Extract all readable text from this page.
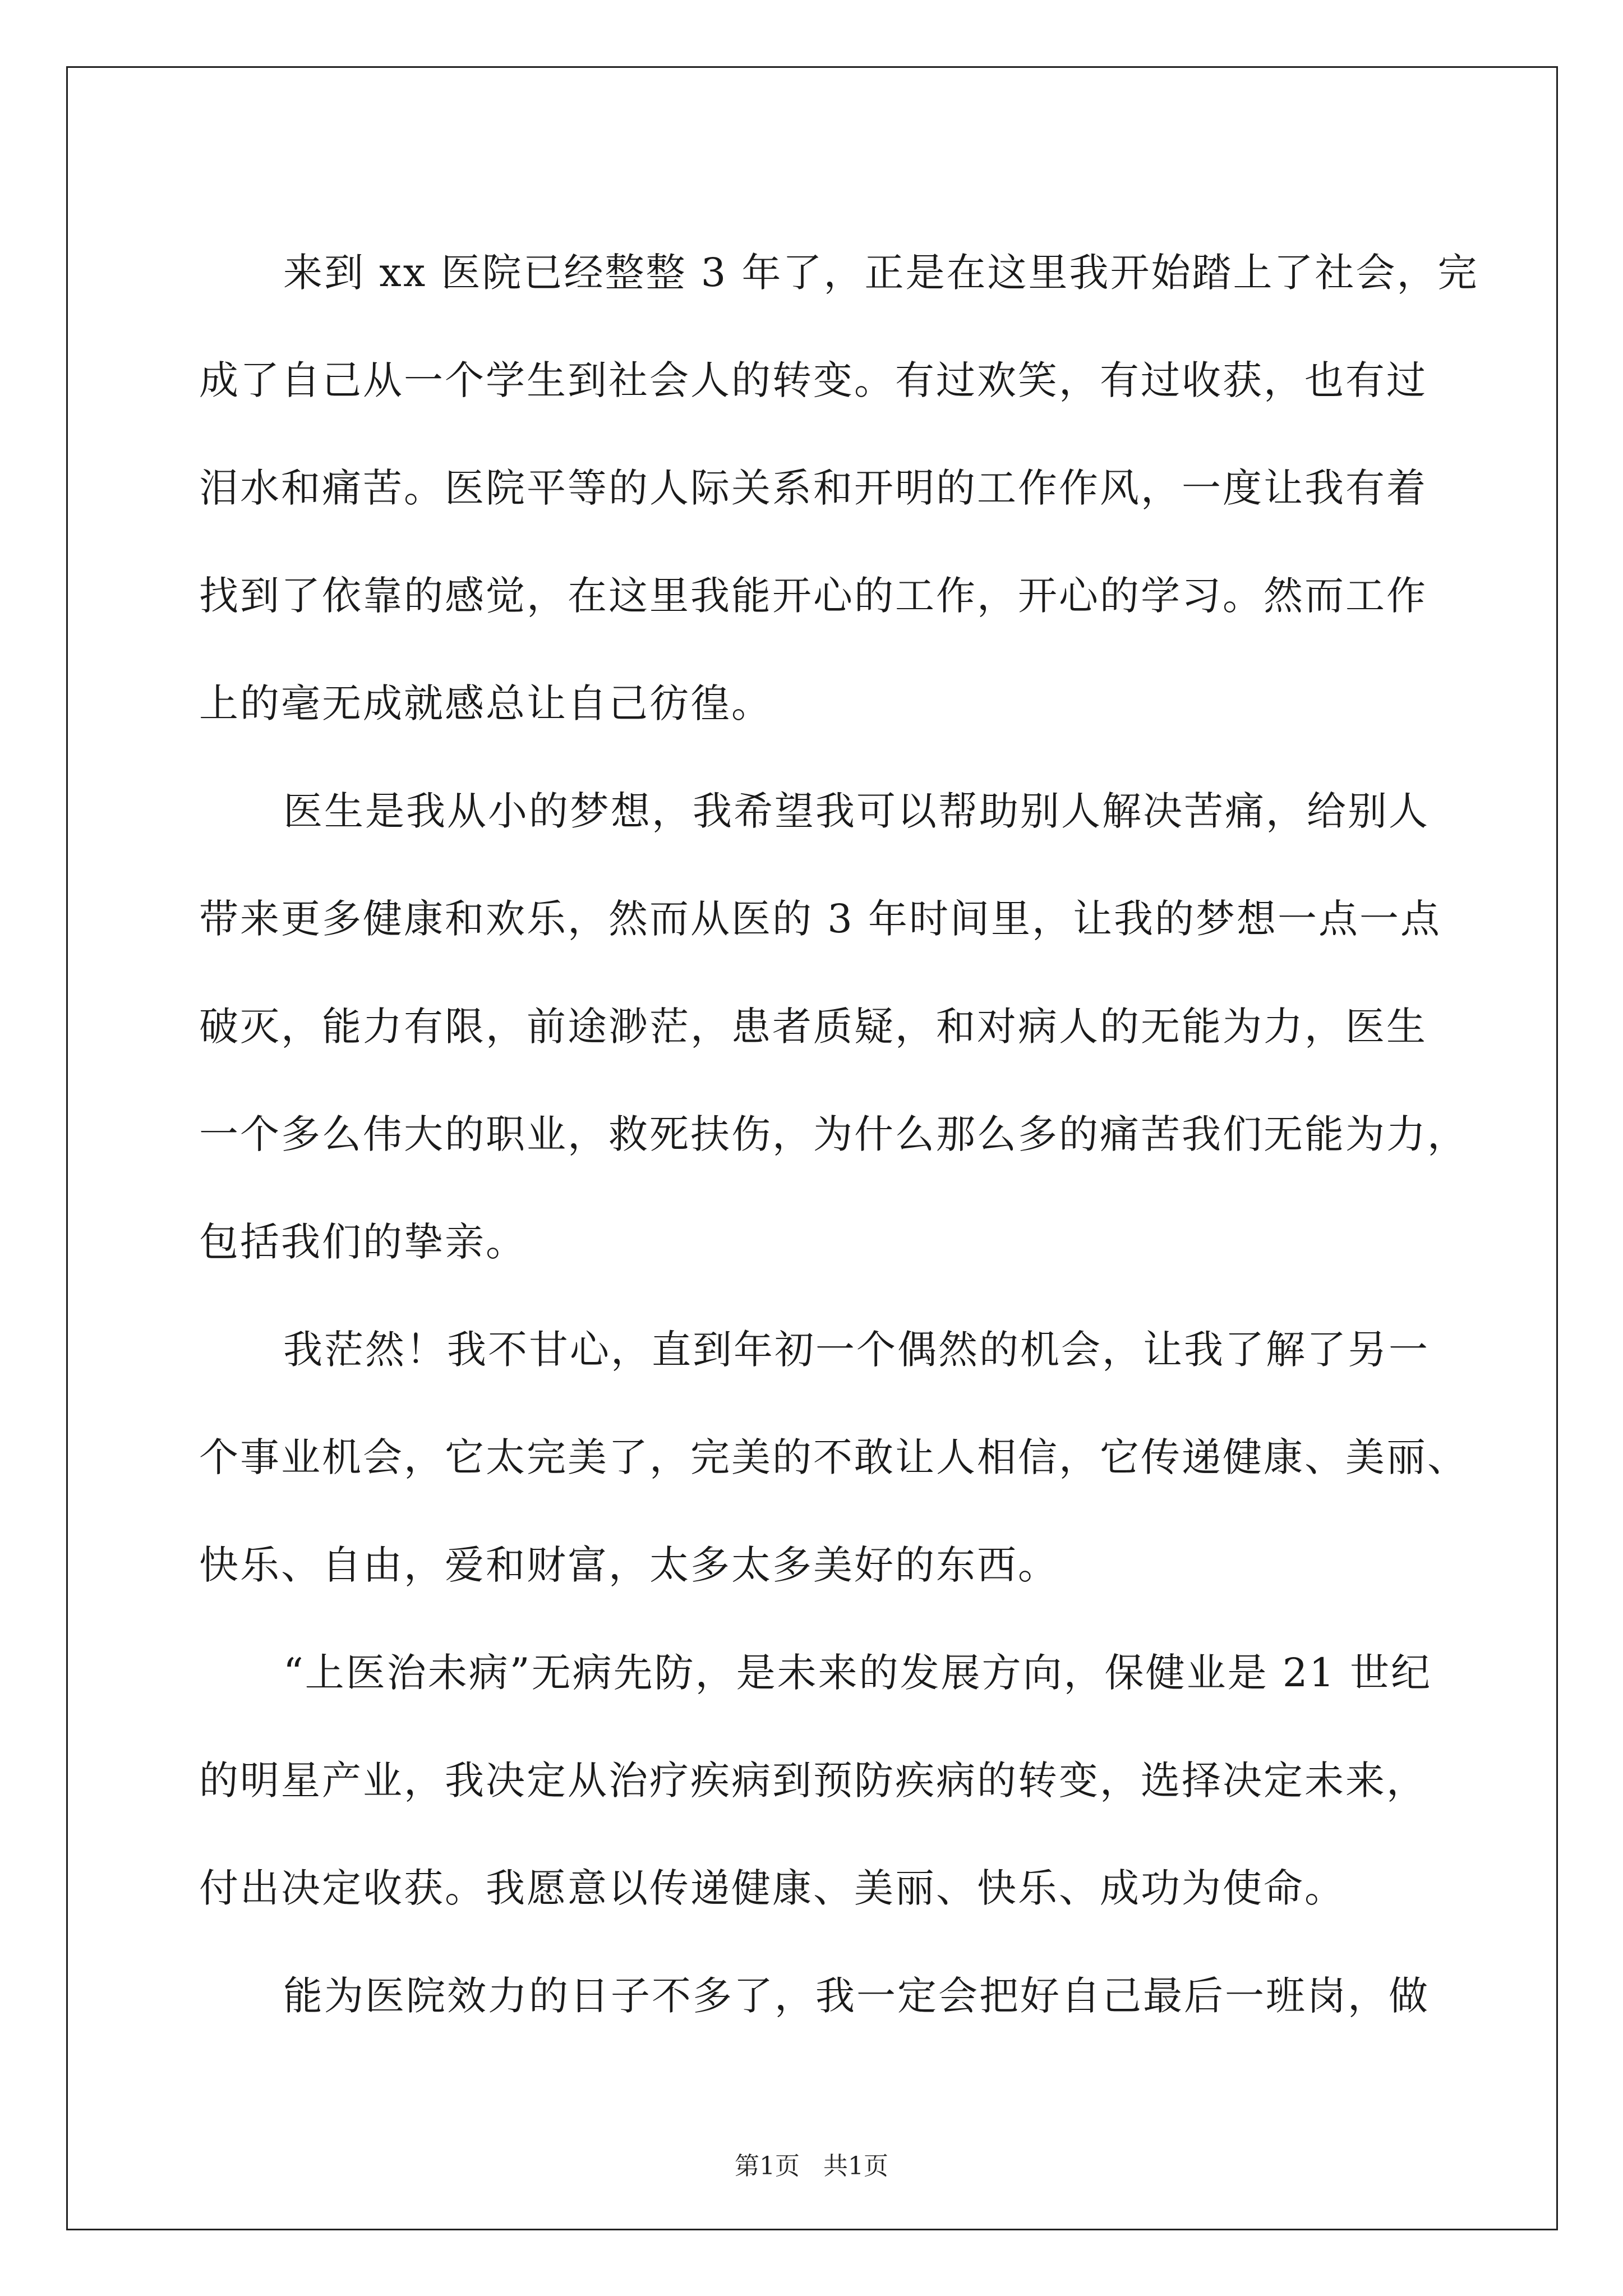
来到 xx 医院已经整整 3 年了，正是在这里我开始踏上了社会，完
成了自己从一个学生到社会人的转变。有过欢笑，有过收获，也有过
泪水和痛苦。医院平等的人际关系和开明的工作作风，一度让我有着
找到了依靠的感觉，在这里我能开心的工作，开心的学习。然而工作
上的毫无成就感总让自己彷徨。
医生是我从小的梦想，我希望我可以帮助别人解决苦痛，给别人
带来更多健康和欢乐，然而从医的 3 年时间里，让我的梦想一点一点
破灭，能力有限，前途渺茫，患者质疑，和对病人的无能为力，医生
一个多么伟大的职业，救死扶伤，为什么那么多的痛苦我们无能为力，
包括我们的挚亲。
我茫然！我不甘心，直到年初一个偶然的机会，让我了解了另一
个事业机会，它太完美了，完美的不敢让人相信，它传递健康、美丽、
快乐、自由，爱和财富，太多太多美好的东西。
“上医治未病”无病先防，是未来的发展方向，保健业是 21 世纪
的明星产业，我决定从治疗疾病到预防疾病的转变，选择决定未来，
付出决定收获。我愿意以传递健康、美丽、快乐、成功为使命。
能为医院效力的日子不多了，我一定会把好自己最后一班岗，做
第1页 共1页
